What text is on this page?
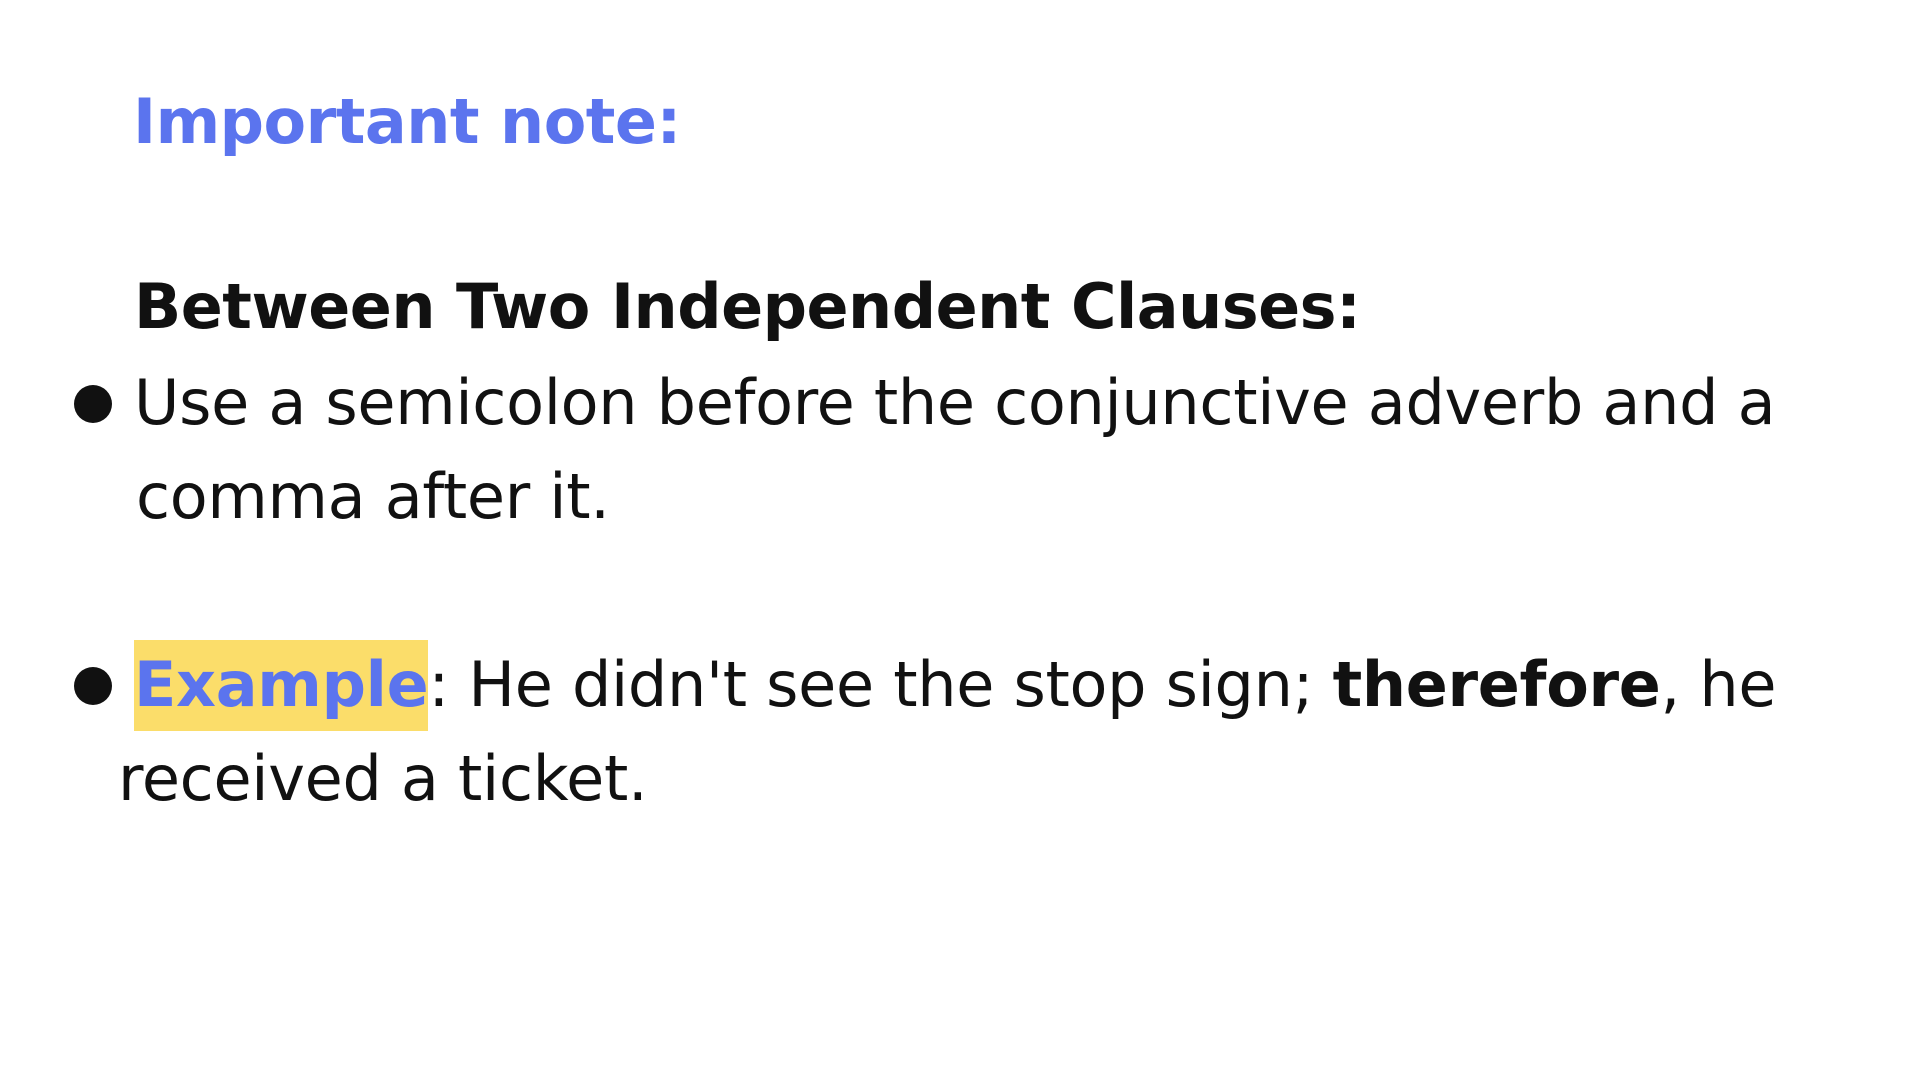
Important note:
Between Two Independent Clauses:
Use a semicolon before the conjunctive adverb and a
comma after it.
Example: He didn't see the stop sign; therefore, he
received a ticket.
